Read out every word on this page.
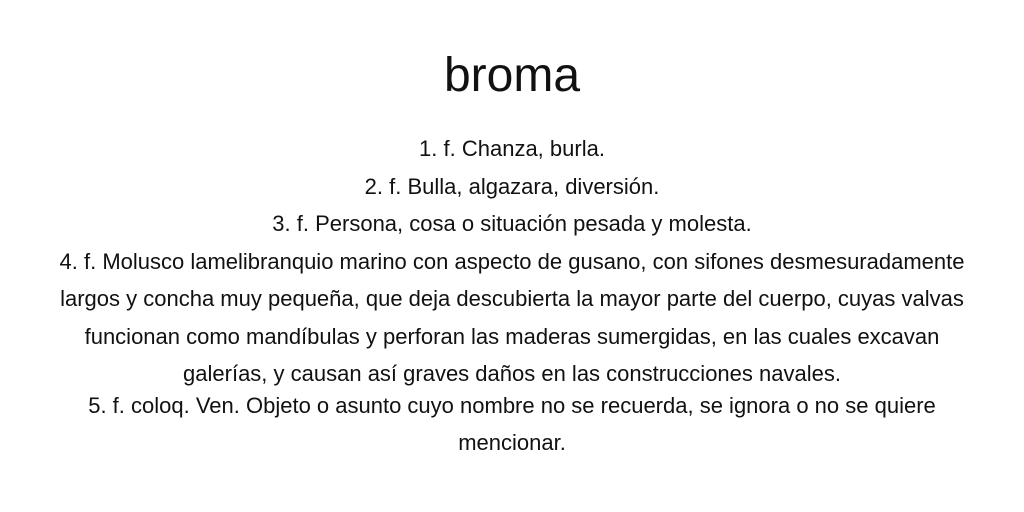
broma
1. f. Chanza, burla.
2. f. Bulla, algazara, diversión.
3. f. Persona, cosa o situación pesada y molesta.
4. f. Molusco lamelibranquio marino con aspecto de gusano, con sifones desmesuradamente largos y concha muy pequeña, que deja descubierta la mayor parte del cuerpo, cuyas valvas funcionan como mandíbulas y perforan las maderas sumergidas, en las cuales excavan galerías, y causan así graves daños en las construcciones navales.
5. f. coloq. Ven. Objeto o asunto cuyo nombre no se recuerda, se ignora o no se quiere mencionar.
